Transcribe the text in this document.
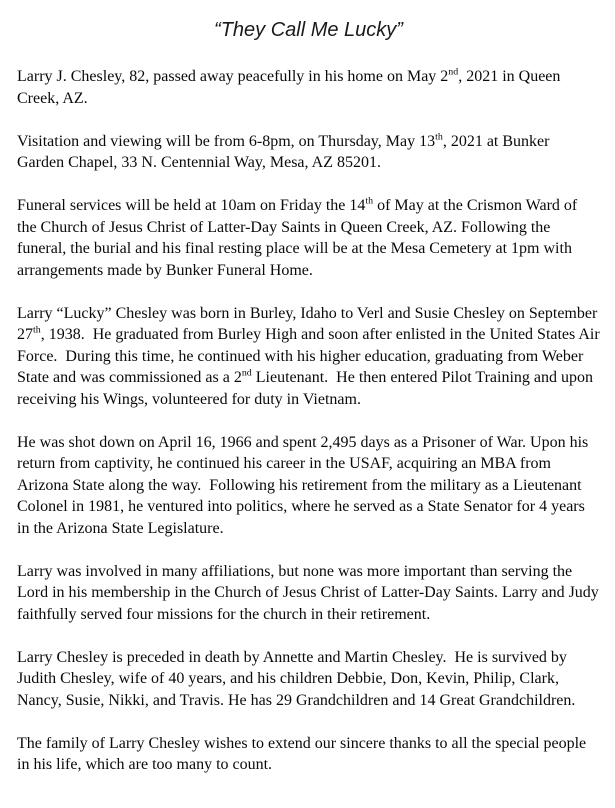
“They Call Me Lucky”

Larry J. Chesley, 82, passed away peacefully in his home on May 2nd, 2021 in Queen Creek, AZ.

Visitation and viewing will be from 6-8pm, on Thursday, May 13th, 2021 at Bunker Garden Chapel, 33 N. Centennial Way, Mesa, AZ 85201.

Funeral services will be held at 10am on Friday the 14th of May at the Crismon Ward of the Church of Jesus Christ of Latter-Day Saints in Queen Creek, AZ. Following the funeral, the burial and his final resting place will be at the Mesa Cemetery at 1pm with arrangements made by Bunker Funeral Home.

Larry “Lucky” Chesley was born in Burley, Idaho to Verl and Susie Chesley on September 27th, 1938.  He graduated from Burley High and soon after enlisted in the United States Air Force.  During this time, he continued with his higher education, graduating from Weber State and was commissioned as a 2nd Lieutenant.  He then entered Pilot Training and upon receiving his Wings, volunteered for duty in Vietnam.

He was shot down on April 16, 1966 and spent 2,495 days as a Prisoner of War. Upon his return from captivity, he continued his career in the USAF, acquiring an MBA from Arizona State along the way.  Following his retirement from the military as a Lieutenant Colonel in 1981, he ventured into politics, where he served as a State Senator for 4 years in the Arizona State Legislature.

Larry was involved in many affiliations, but none was more important than serving the Lord in his membership in the Church of Jesus Christ of Latter-Day Saints. Larry and Judy faithfully served four missions for the church in their retirement.

Larry Chesley is preceded in death by Annette and Martin Chesley.  He is survived by Judith Chesley, wife of 40 years, and his children Debbie, Don, Kevin, Philip, Clark, Nancy, Susie, Nikki, and Travis. He has 29 Grandchildren and 14 Great Grandchildren.

The family of Larry Chesley wishes to extend our sincere thanks to all the special people in his life, which are too many to count.
